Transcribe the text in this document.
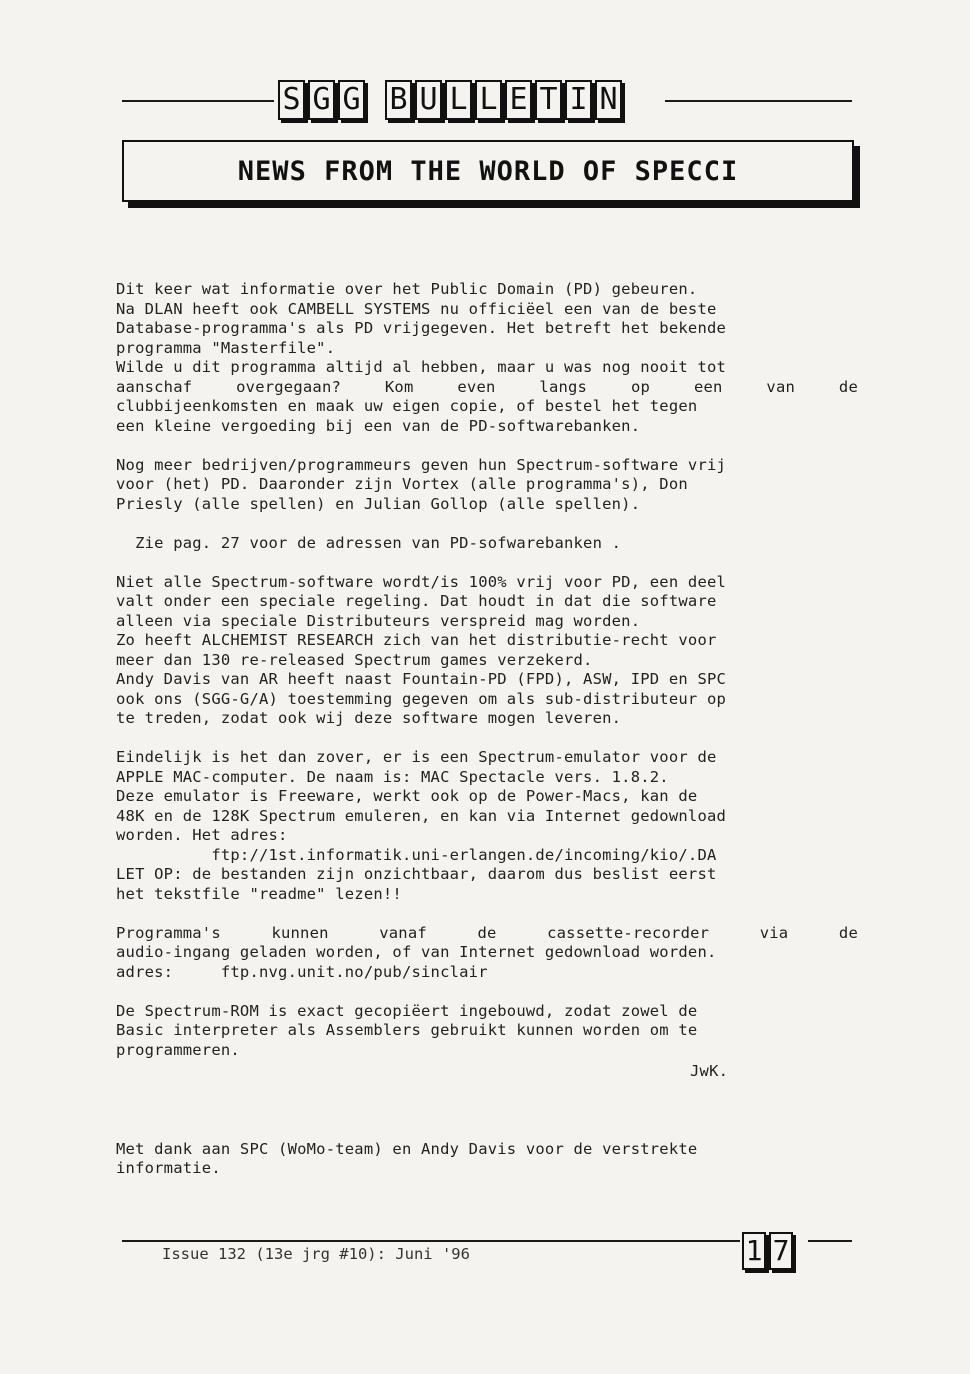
S G G B U L L E T I N
NEWS FROM THE WORLD OF SPECCI
Dit keer wat informatie over het Public Domain (PD) gebeuren.
Na DLAN heeft ook CAMBELL SYSTEMS nu officiëel een van de beste
Database-programma's als PD vrijgegeven. Het betreft het bekende
programma "Masterfile".
Wilde u dit programma altijd al hebben, maar u was nog nooit tot
aanschaf overgegaan? Kom even langs op een van de
clubbijeenkomsten en maak uw eigen copie, of bestel het tegen
een kleine vergoeding bij een van de PD-softwarebanken.
Nog meer bedrijven/programmeurs geven hun Spectrum-software vrij
voor (het) PD. Daaronder zijn Vortex (alle programma's), Don
Priesly (alle spellen) en Julian Gollop (alle spellen).
Zie pag. 27 voor de adressen van PD-sofwarebanken .
Niet alle Spectrum-software wordt/is 100% vrij voor PD, een deel
valt onder een speciale regeling. Dat houdt in dat die software
alleen via speciale Distributeurs verspreid mag worden.
Zo heeft ALCHEMIST RESEARCH zich van het distributie-recht voor
meer dan 130 re-released Spectrum games verzekerd.
Andy Davis van AR heeft naast Fountain-PD (FPD), ASW, IPD en SPC
ook ons (SGG-G/A) toestemming gegeven om als sub-distributeur op
te treden, zodat ook wij deze software mogen leveren.
Eindelijk is het dan zover, er is een Spectrum-emulator voor de
APPLE MAC-computer. De naam is: MAC Spectacle vers. 1.8.2.
Deze emulator is Freeware, werkt ook op de Power-Macs, kan de
48K en de 128K Spectrum emuleren, en kan via Internet gedownload
worden. Het adres:
ftp://1st.informatik.uni-erlangen.de/incoming/kio/.DA
LET OP: de bestanden zijn onzichtbaar, daarom dus beslist eerst
het tekstfile "readme" lezen!!
Programma's kunnen vanaf de cassette-recorder via de
audio-ingang geladen worden, of van Internet gedownload worden.
adres:     ftp.nvg.unit.no/pub/sinclair
De Spectrum-ROM is exact gecopiëert ingebouwd, zodat zowel de
Basic interpreter als Assemblers gebruikt kunnen worden om te
programmeren.
JwK.
Met dank aan SPC (WoMo-team) en Andy Davis voor de verstrekte
informatie.
Issue 132 (13e jrg #10): Juni '96	1 7
